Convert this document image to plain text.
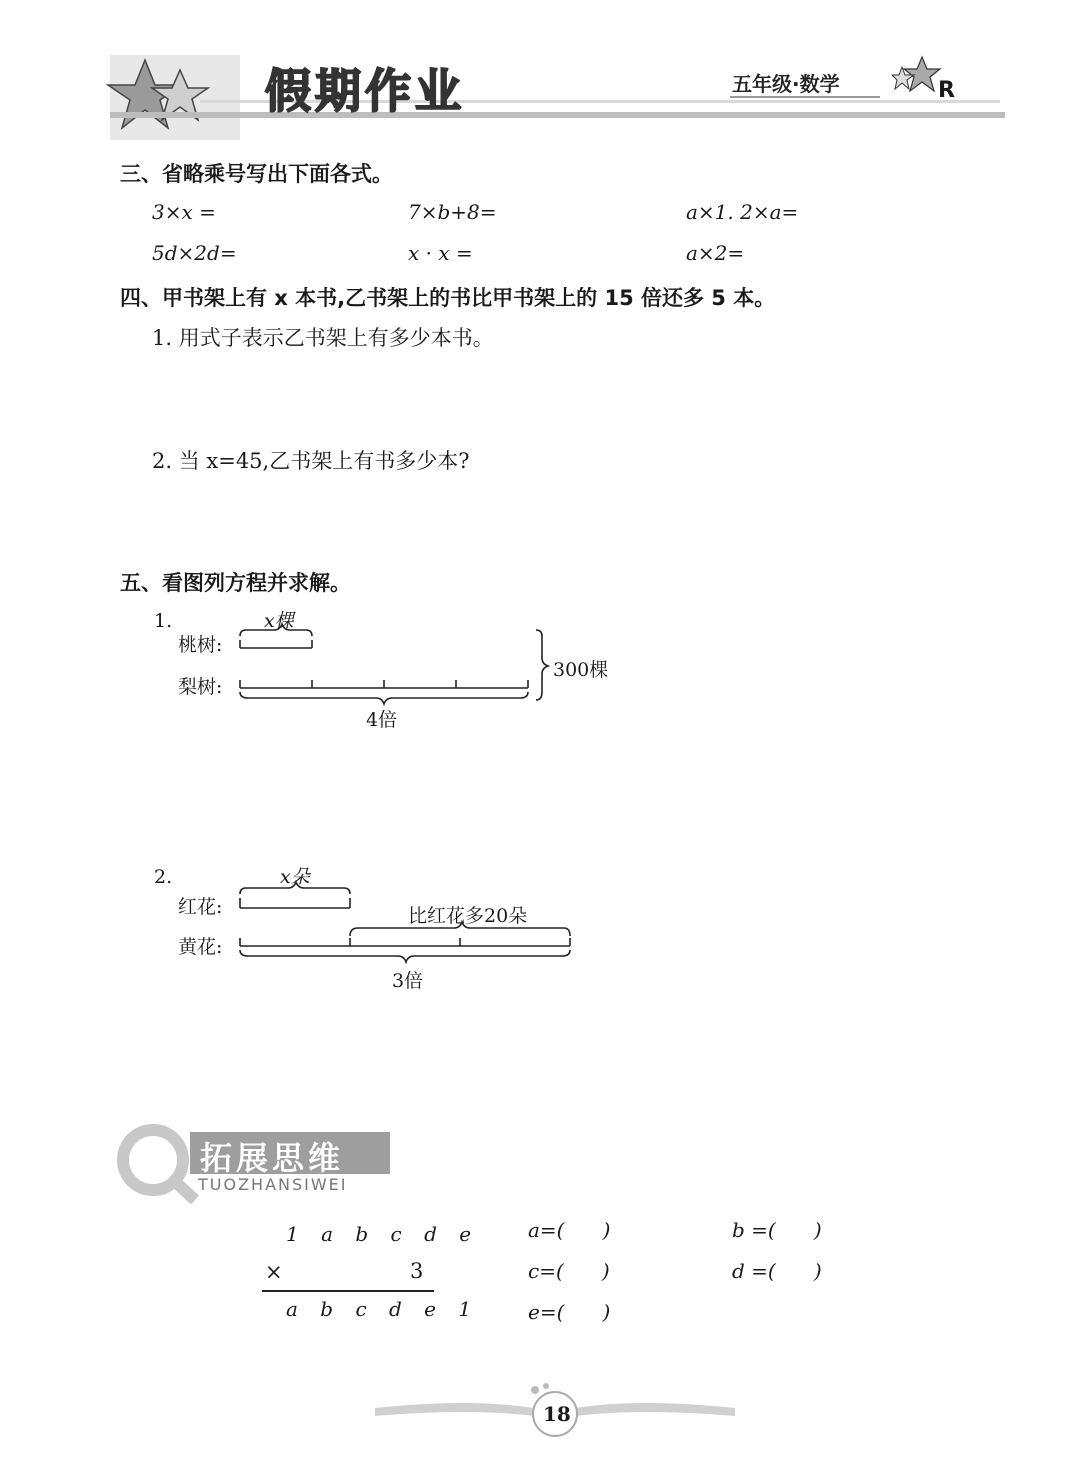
假期作业	五年级·数学	R
三、省略乘号写出下面各式。
3×x =	7×b+8=	a×1. 2×a=
5d×2d=	x · x =	a×2=
四、甲书架上有 x 本书,乙书架上的书比甲书架上的 15 倍还多 5 本。
1. 用式子表示乙书架上有多少本书。
2. 当 x=45,乙书架上有书多少本?
五、看图列方程并求解。
1.
桃树:
梨树:
x棵
300棵
4倍
2.
红花:
黄花:
x朵
比红花多20朵
3倍
拓展思维
TUOZHANSIWEI
1 a b c d e
×	3
a b c d e 1
a=(      )	b =(      )
c=(      )	d =(      )
e=(      )
18
